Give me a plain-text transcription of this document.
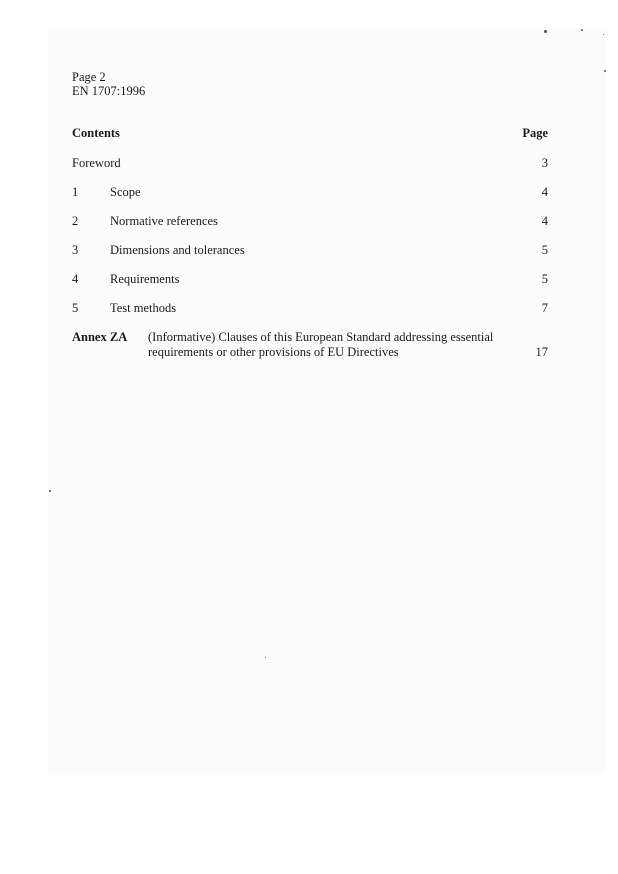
Page 2
EN 1707:1996
Contents	Page
Foreword	3
1	Scope	4
2	Normative references	4
3	Dimensions and tolerances	5
4	Requirements	5
5	Test methods	7
Annex ZA (Informative) Clauses of this European Standard addressing essential requirements or other provisions of EU Directives	17
